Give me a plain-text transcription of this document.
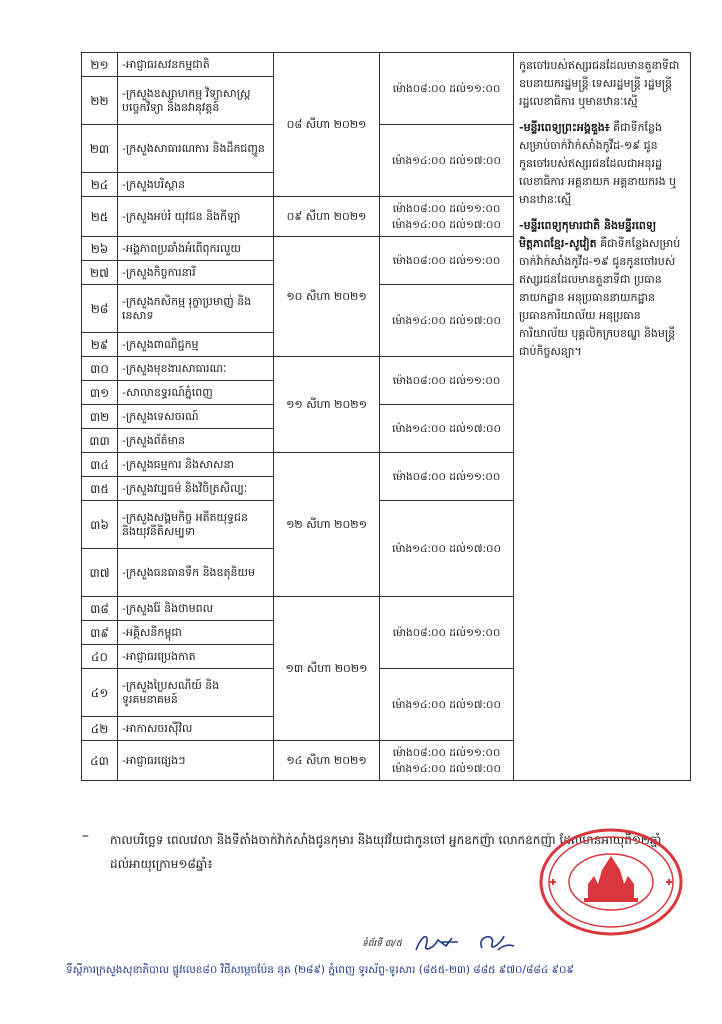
២១	-អាជ្ញាធរសវនកម្មជាតិ	០៨ សីហា ២០២១	ម៉ោង០៨:០០ ដល់១១:០០	កូនចៅរបស់ឥស្សរជនដែលមានតួនាទីជាឧបនាយករដ្ឋមន្ត្រី ទេសរដ្ឋមន្ត្រី រដ្ឋមន្ត្រី រដ្ឋលេខាធិការ ឬមានឋានៈស្មើ

-មន្ទីរពេទ្យព្រះអង្គឌួង៖ គឺជាទីកន្លែងសម្រាប់ចាក់វ៉ាក់សាំងកូវីដ-១៩ ជូនកូនចៅរបស់ឥស្សរជនដែលជាអនុរដ្ឋលេខាធិការ អគ្គនាយក អគ្គនាយករង ឬមានឋានៈស្មើ

-មន្ទីរពេទ្យកុមារជាតិ និងមន្ទីរពេទ្យមិត្តភាពខ្មែរ-សូវៀត គឺជាទីកន្លែងសម្រាប់ចាក់វ៉ាក់សាំងកូវីដ-១៩ ជូនកូនចៅរបស់ឥស្សរជនដែលមានតួនាទីជា ប្រធាននាយកដ្ឋាន អនុប្រធាននាយកដ្ឋាន ប្រធានការិយាល័យ អនុប្រធានការិយាល័យ បុគ្គលិកក្របខណ្ឌ និងមន្ត្រីជាប់កិច្ចសន្យា។

២២	-ក្រសួងឧស្សាហកម្ម វិទ្យាសាស្ត្រ បច្ចេកវិទ្យា និងនវានុវត្តន៍			
២៣	-ក្រសួងសាធារណការ និងដឹកជញ្ជូន		ម៉ោង១៤:០០ ដល់១៧:០០	
២៤	-ក្រសួងបរិស្ថាន			
២៥	-ក្រសួងអប់រំ យុវជន និងកីឡា	០៩ សីហា ២០២១	ម៉ោង០៨:០០ ដល់១១:០០
ម៉ោង១៤:០០ ដល់១៧:០០	

២៦	-អង្គភាពប្រឆាំងអំពើពុករលួយ	១០ សីហា ២០២១	ម៉ោង០៨:០០ ដល់១១:០០	
២៧	-ក្រសួងកិច្ចការនារី			
២៨	-ក្រសួងកសិកម្ម រុក្ខាប្រមាញ់ និងនេសាទ		ម៉ោង១៤:០០ ដល់១៧:០០	
២៩	-ក្រសួងពាណិជ្ជកម្ម			
៣០	-ក្រសួងមុខងារសាធារណៈ	១១ សីហា ២០២១	ម៉ោង០៨:០០ ដល់១១:០០	
៣១	-សាលាឧទ្ធរណ៍ភ្នំពេញ			
៣២	-ក្រសួងទេសចរណ៍		ម៉ោង១៤:០០ ដល់១៧:០០	
៣៣	-ក្រសួងព័ត៌មាន			
៣៤	-ក្រសួងធម្មការ និងសាសនា	១២ សីហា ២០២១	ម៉ោង០៨:០០ ដល់១១:០០	
៣៥	-ក្រសួងវប្បធម៌ និងវិចិត្រសិល្បៈ			
៣៦	-ក្រសួងសង្គមកិច្ច អតីតយុទ្ធជន និងយុវនីតិសម្បទា		ម៉ោង១៤:០០ ដល់១៧:០០	
៣៧	-ក្រសួងធនធានទឹក និងឧតុនិយម			
៣៨	-ក្រសួងរ៉ែ និងថាមពល	១៣ សីហា ២០២១	ម៉ោង០៨:០០ ដល់១១:០០	
៣៩	-អគ្គិសនីកម្ពុជា			
៤០	-អាជ្ញាធរប្រេងកាត			
៤១	-ក្រសួងប្រៃសណីយ៍ និងទូរគមនាគមន៍		ម៉ោង១៤:០០ ដល់១៧:០០	
៤២	-អាកាសចរស៊ីវិល			
៤៣	-អាជ្ញាធរផ្សេងៗ	១៤ សីហា ២០២១	ម៉ោង០៨:០០ ដល់១១:០០
ម៉ោង១៤:០០ ដល់១៧:០០	
– កាលបរិច្ឆេទ ពេលវេលា និងទីតាំងចាក់វ៉ាក់សាំងជូនកុមារ និងយុវវ័យជាកូនចៅ អ្នកឧកញ៉ា លោកឧកញ៉ា ដែលមានអាយុពី១២ឆ្នាំ ដល់អាយុក្រោម១៨ឆ្នាំ៖
ទំព័រទី ៣/៥
ទីស្តីការក្រសួងសុខាភិបាល ផ្លូវលេខ៨០ វិថីសម្ដេចប៉ែន នុត (២៨៩) ភ្នំពេញ ទូរស័ព្ទ-ទូរសារ (៨៥៥-២៣) ៨៨៥ ៩៧០/៨៨៤ ៩០៩
